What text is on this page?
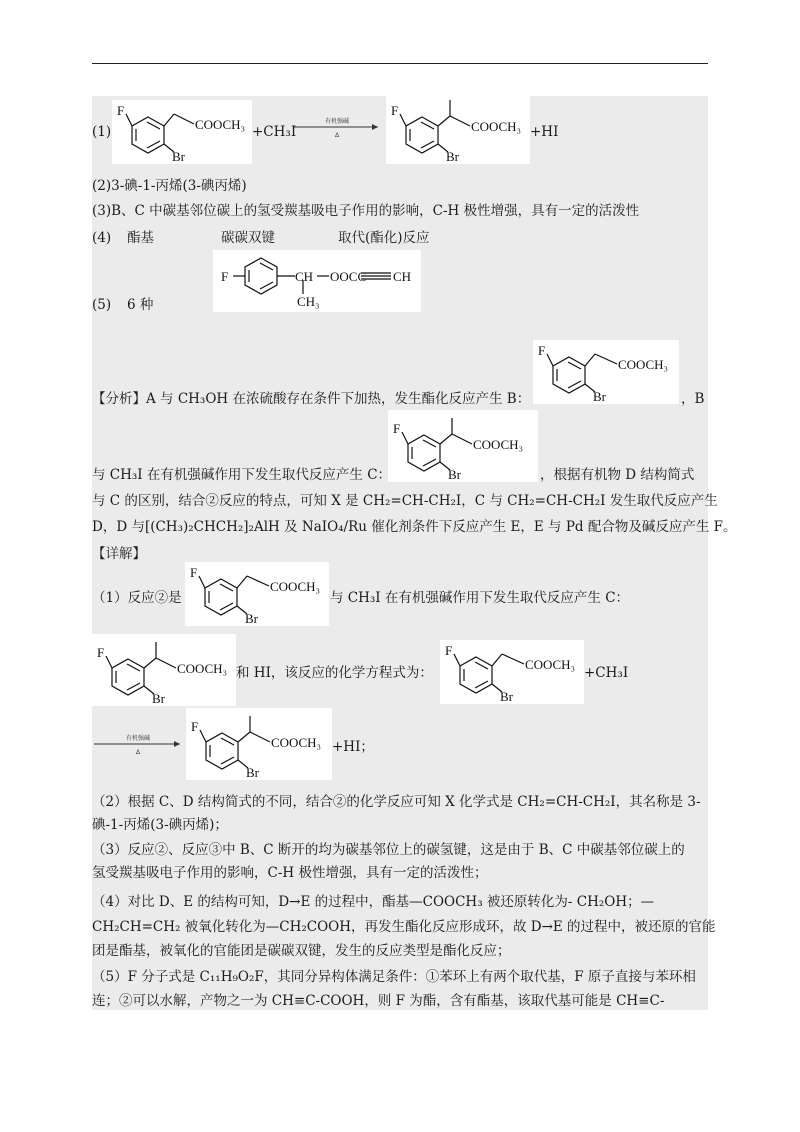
(1)
F
COOCH₃
Br
+CH₃I
有机强碱
Δ
F
COOCH₃
Br
+HI
(2)3-碘-1-丙烯(3-碘丙烯)
(3)B、C 中碳基邻位碳上的氢受羰基吸电子作用的影响，C-H 极性增强，具有一定的活泼性
(4) 酯基	碳碳双键	取代(酯化)反应
(5) 6 种
F	CH OOCC CH
CH₃
F
COOCH₃
Br
【分析】A 与 CH₃OH 在浓硫酸存在条件下加热，发生酯化反应产生 B：	，B
F
COOCH₃
Br
与 CH₃I 在有机强碱作用下发生取代反应产生 C：	，根据有机物 D 结构简式
与 C 的区别，结合②反应的特点，可知 X 是 CH₂=CH-CH₂I，C 与 CH₂=CH-CH₂I 发生取代反应产生
D，D 与[(CH₃)₂CHCH₂]₂AlH 及 NaIO₄/Ru 催化剂条件下反应产生 E，E 与 Pd 配合物及碱反应产生 F。
【详解】
（1）反应②是
F
COOCH₃
Br
与 CH₃I 在有机强碱作用下发生取代反应产生 C：
F
COOCH₃
Br
和 HI，该反应的化学方程式为：
F
COOCH₃
Br
+CH₃I
有机强碱
Δ
F
COOCH₃
Br
+HI；
（2）根据 C、D 结构简式的不同，结合②的化学反应可知 X 化学式是 CH₂=CH-CH₂I，其名称是 3-
碘-1-丙烯(3-碘丙烯)；
（3）反应②、反应③中 B、C 断开的均为碳基邻位上的碳氢键，这是由于 B、C 中碳基邻位碳上的
氢受羰基吸电子作用的影响，C-H 极性增强，具有一定的活泼性；
（4）对比 D、E 的结构可知，D→E 的过程中，酯基—COOCH₃ 被还原转化为- CH₂OH；—
CH₂CH=CH₂ 被氧化转化为—CH₂COOH，再发生酯化反应形成环，故 D→E 的过程中，被还原的官能
团是酯基，被氧化的官能团是碳碳双键，发生的反应类型是酯化反应；
（5）F 分子式是 C₁₁H₉O₂F，其同分异构体满足条件：①苯环上有两个取代基，F 原子直接与苯环相
连；②可以水解，产物之一为 CH≡C-COOH，则 F 为酯，含有酯基，该取代基可能是 CH≡C-
